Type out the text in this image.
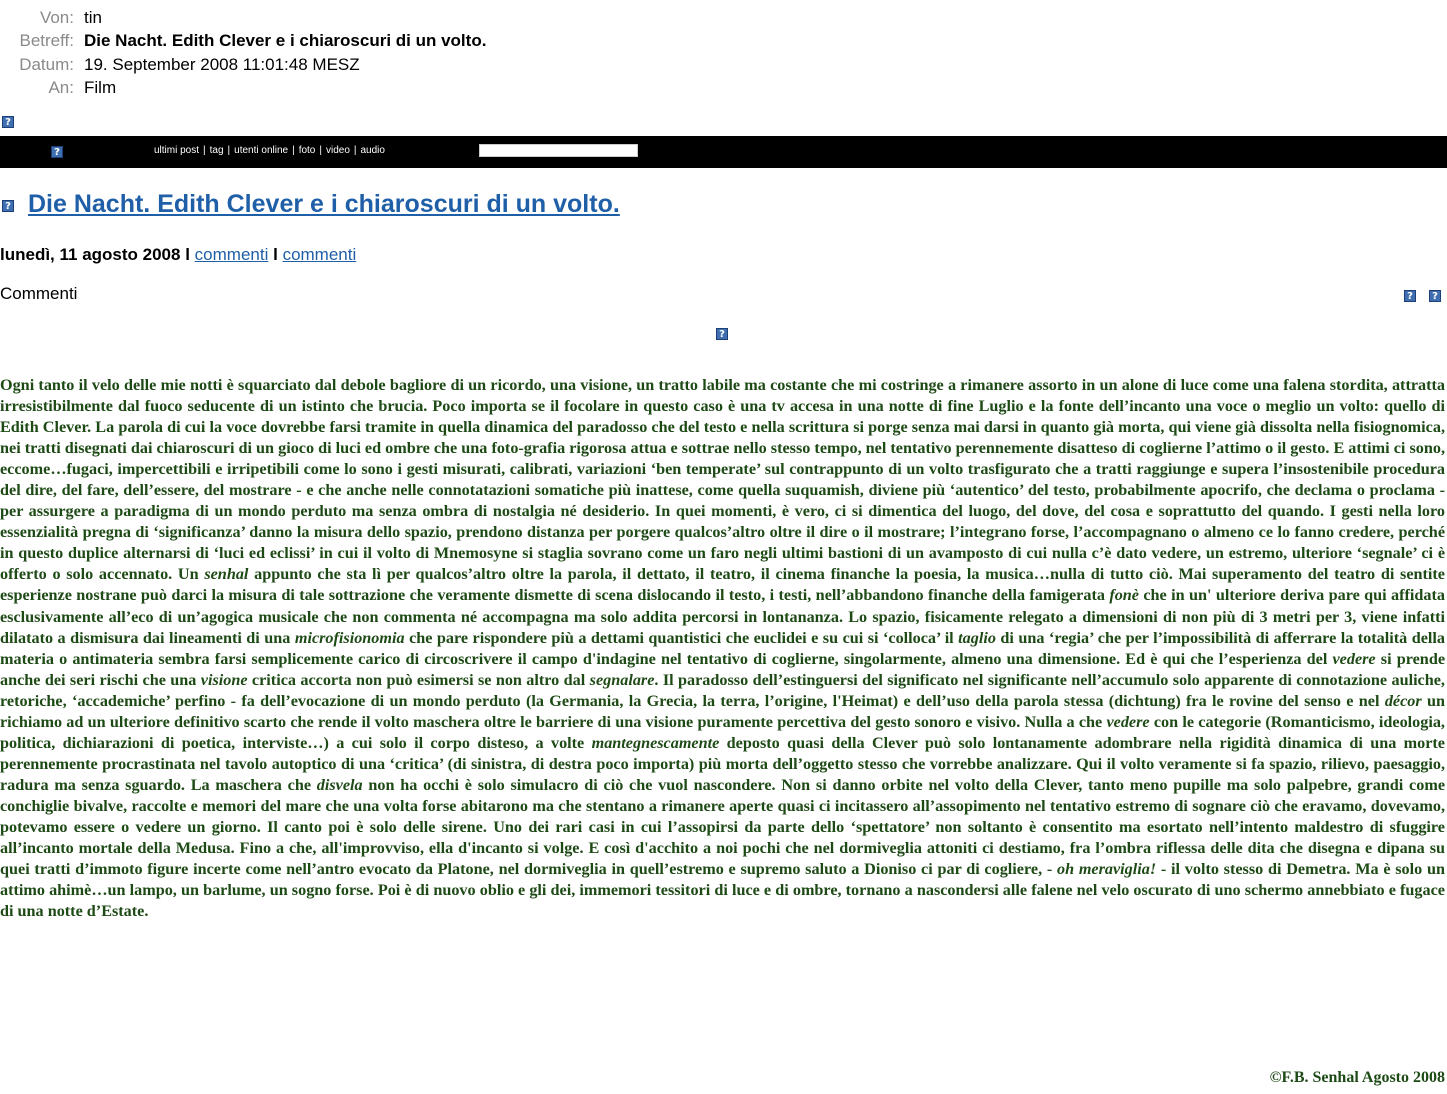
Von: tin
Betreff: Die Nacht. Edith Clever e i chiaroscuri di un volto.
Datum: 19. September 2008 11:01:48 MESZ
An: Film
?
?	ultimi post | tag | utenti online | foto | video | audio
? Die Nacht. Edith Clever e i chiaroscuri di un volto.
lunedì, 11 agosto 2008 l commenti l commenti
Commenti	?	?
?

Ogni tanto il velo delle mie notti è squarciato dal debole bagliore di un ricordo, una visione, un tratto labile ma costante che mi costringe a rimanere assorto in un alone di luce come una falena stordita, attratta irresistibilmente dal fuoco seducente di un istinto che brucia. Poco importa se il focolare in questo caso è una tv accesa in una notte di fine Luglio e la fonte dell’incanto una voce o meglio un volto: quello di Edith Clever. La parola di cui la voce dovrebbe farsi tramite in quella dinamica del paradosso che del testo e nella scrittura si porge senza mai darsi in quanto già morta, qui viene già dissolta nella fisiognomica, nei tratti disegnati dai chiaroscuri di un gioco di luci ed ombre che una foto-grafia rigorosa attua e sottrae nello stesso tempo, nel tentativo perennemente disatteso di coglierne l’attimo o il gesto. E attimi ci sono, eccome…fugaci, impercettibili e irripetibili come lo sono i gesti misurati, calibrati, variazioni ‘ben temperate’ sul contrappunto di un volto trasfigurato che a tratti raggiunge e supera l’insostenibile procedura del dire, del fare, dell’essere, del mostrare - e che anche nelle connotatazioni somatiche più inattese, come quella suquamish, diviene più ‘autentico’ del testo, probabilmente apocrifo, che declama o proclama - per assurgere a paradigma di un mondo perduto ma senza ombra di nostalgia né desiderio. In quei momenti, è vero, ci si dimentica del luogo, del dove, del cosa e soprattutto del quando. I gesti nella loro essenzialità pregna di ‘significanza’ danno la misura dello spazio, prendono distanza per porgere qualcos’altro oltre il dire o il mostrare; l’integrano forse, l’accompagnano o almeno ce lo fanno credere, perché in questo duplice alternarsi di ‘luci ed eclissi’ in cui il volto di Mnemosyne si staglia sovrano come un faro negli ultimi bastioni di un avamposto di cui nulla c’è dato vedere, un estremo, ulteriore ‘segnale’ ci è offerto o solo accennato. Un senhal appunto che sta lì per qualcos’altro oltre la parola, il dettato, il teatro, il cinema finanche la poesia, la musica…nulla di tutto ciò. Mai superamento del teatro di sentite esperienze nostrane può darci la misura di tale sottrazione che veramente dismette di scena dislocando il testo, i testi, nell’abbandono finanche della famigerata fonè che in un' ulteriore deriva pare qui affidata esclusivamente all’eco di un’agogica musicale che non commenta né accompagna ma solo addita percorsi in lontananza. Lo spazio, fisicamente relegato a dimensioni di non più di 3 metri per 3, viene infatti dilatato a dismisura dai lineamenti di una microfisionomia che pare rispondere più a dettami quantistici che euclidei e su cui si ‘colloca’ il taglio di una ‘regia’ che per l’impossibilità di afferrare la totalità della materia o antimateria sembra farsi semplicemente carico di circoscrivere il campo d'indagine nel tentativo di coglierne, singolarmente, almeno una dimensione. Ed è qui che l’esperienza del vedere si prende anche dei seri rischi che una visione critica accorta non può esimersi se non altro dal segnalare. Il paradosso dell’estinguersi del significato nel significante nell’accumulo solo apparente di connotazione auliche, retoriche, ‘accademiche’ perfino - fa dell’evocazione di un mondo perduto (la Germania, la Grecia, la terra, l’origine, l'Heimat) e dell’uso della parola stessa (dichtung) fra le rovine del senso e nel décor un richiamo ad un ulteriore definitivo scarto che rende il volto maschera oltre le barriere di una visione puramente percettiva del gesto sonoro e visivo. Nulla a che vedere con le categorie (Romanticismo, ideologia, politica, dichiarazioni di poetica, interviste…) a cui solo il corpo disteso, a volte mantegnescamente deposto quasi della Clever può solo lontanamente adombrare nella rigidità dinamica di una morte perennemente procrastinata nel tavolo autoptico di una ‘critica’ (di sinistra, di destra poco importa) più morta dell’oggetto stesso che vorrebbe analizzare. Qui il volto veramente si fa spazio, rilievo, paesaggio, radura ma senza sguardo. La maschera che disvela non ha occhi è solo simulacro di ciò che vuol nascondere. Non si danno orbite nel volto della Clever, tanto meno pupille ma solo palpebre, grandi come conchiglie bivalve, raccolte e memori del mare che una volta forse abitarono ma che stentano a rimanere aperte quasi ci incitassero all’assopimento nel tentativo estremo di sognare ciò che eravamo, dovevamo, potevamo essere o vedere un giorno. Il canto poi è solo delle sirene. Uno dei rari casi in cui l’assopirsi da parte dello ‘spettatore’ non soltanto è consentito ma esortato nell’intento maldestro di sfuggire all’incanto mortale della Medusa. Fino a che, all'improvviso, ella d'incanto si volge. E così d'acchito a noi pochi che nel dormiveglia attoniti ci destiamo, fra l’ombra riflessa delle dita che disegna e dipana su quei tratti d’immoto figure incerte come nell’antro evocato da Platone, nel dormiveglia in quell’estremo e supremo saluto a Dioniso ci par di cogliere, - oh meraviglia! - il volto stesso di Demetra. Ma è solo un attimo ahimè…un lampo, un barlume, un sogno forse. Poi è di nuovo oblio e gli dei, immemori tessitori di luce e di ombre, tornano a nascondersi alle falene nel velo oscurato di uno schermo annebbiato e fugace di una notte d’Estate.

©F.B. Senhal Agosto 2008
